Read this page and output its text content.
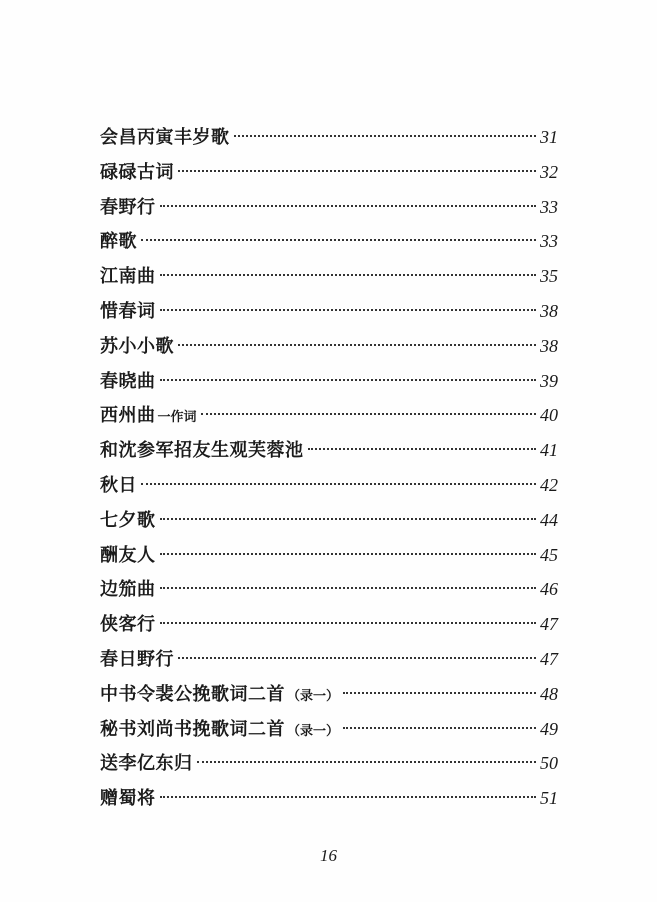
会昌丙寅丰岁歌	31
碌碌古词	32
春野行	33
醉歌	33
江南曲	35
惜春词	38
苏小小歌	38
春晓曲	39
西州曲 一作词	40
和沈参军招友生观芙蓉池	41
秋日	42
七夕歌	44
酬友人	45
边笳曲	46
侠客行	47
春日野行	47
中书令裴公挽歌词二首 （录一）	48
秘书刘尚书挽歌词二首 （录一）	49
送李亿东归	50
赠蜀将	51
16
